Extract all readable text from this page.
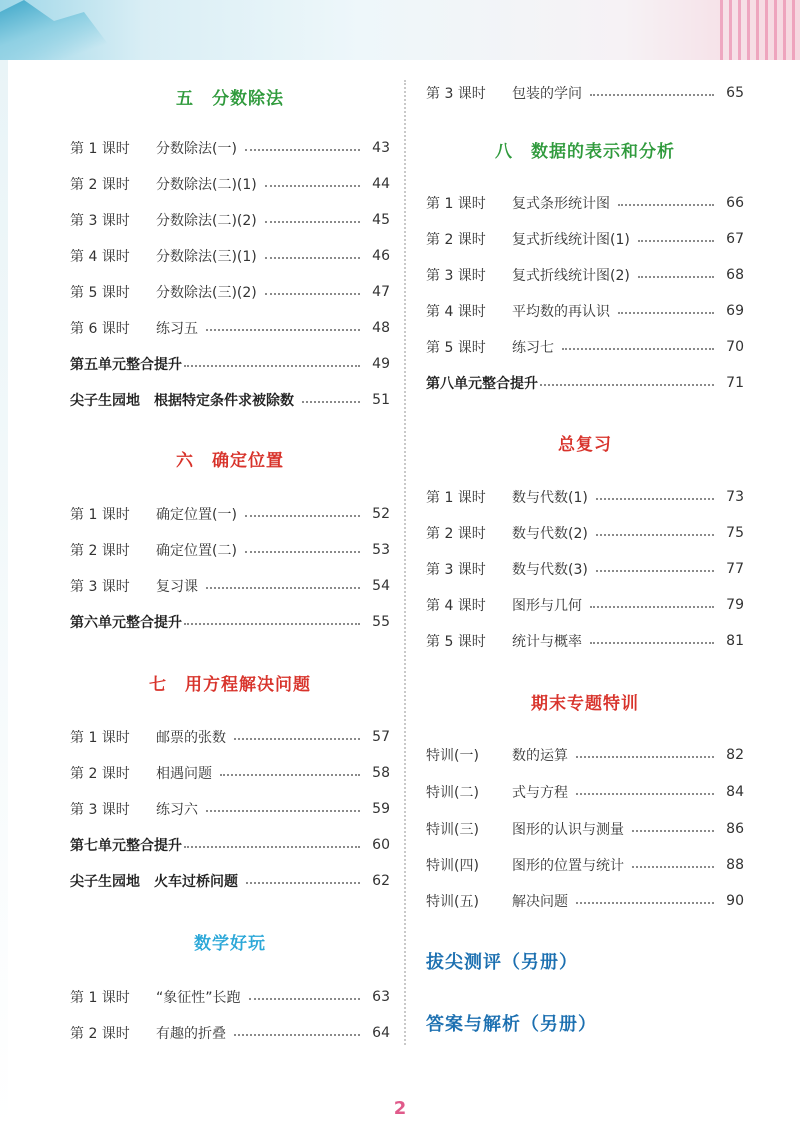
五　分数除法
第 1 课时	分数除法(一)	43
第 2 课时	分数除法(二)(1)	44
第 3 课时	分数除法(二)(2)	45
第 4 课时	分数除法(三)(1)	46
第 5 课时	分数除法(三)(2)	47
第 6 课时	练习五	48
第五单元整合提升	49
尖子生园地 根据特定条件求被除数	51
六　确定位置
第 1 课时	确定位置(一)	52
第 2 课时	确定位置(二)	53
第 3 课时	复习课	54
第六单元整合提升	55
七　用方程解决问题
第 1 课时	邮票的张数	57
第 2 课时	相遇问题	58
第 3 课时	练习六	59
第七单元整合提升	60
尖子生园地 火车过桥问题	62
数学好玩
第 1 课时	“象征性”长跑	63
第 2 课时	有趣的折叠	64
第 3 课时	包装的学问	65
八　数据的表示和分析
第 1 课时	复式条形统计图	66
第 2 课时	复式折线统计图(1)	67
第 3 课时	复式折线统计图(2)	68
第 4 课时	平均数的再认识	69
第 5 课时	练习七	70
第八单元整合提升	71
总复习
第 1 课时	数与代数(1)	73
第 2 课时	数与代数(2)	75
第 3 课时	数与代数(3)	77
第 4 课时	图形与几何	79
第 5 课时	统计与概率	81
期末专题特训
特训(一)	数的运算	82
特训(二)	式与方程	84
特训(三)	图形的认识与测量	86
特训(四)	图形的位置与统计	88
特训(五)	解决问题	90
拔尖测评（另册）
答案与解析（另册）
2
